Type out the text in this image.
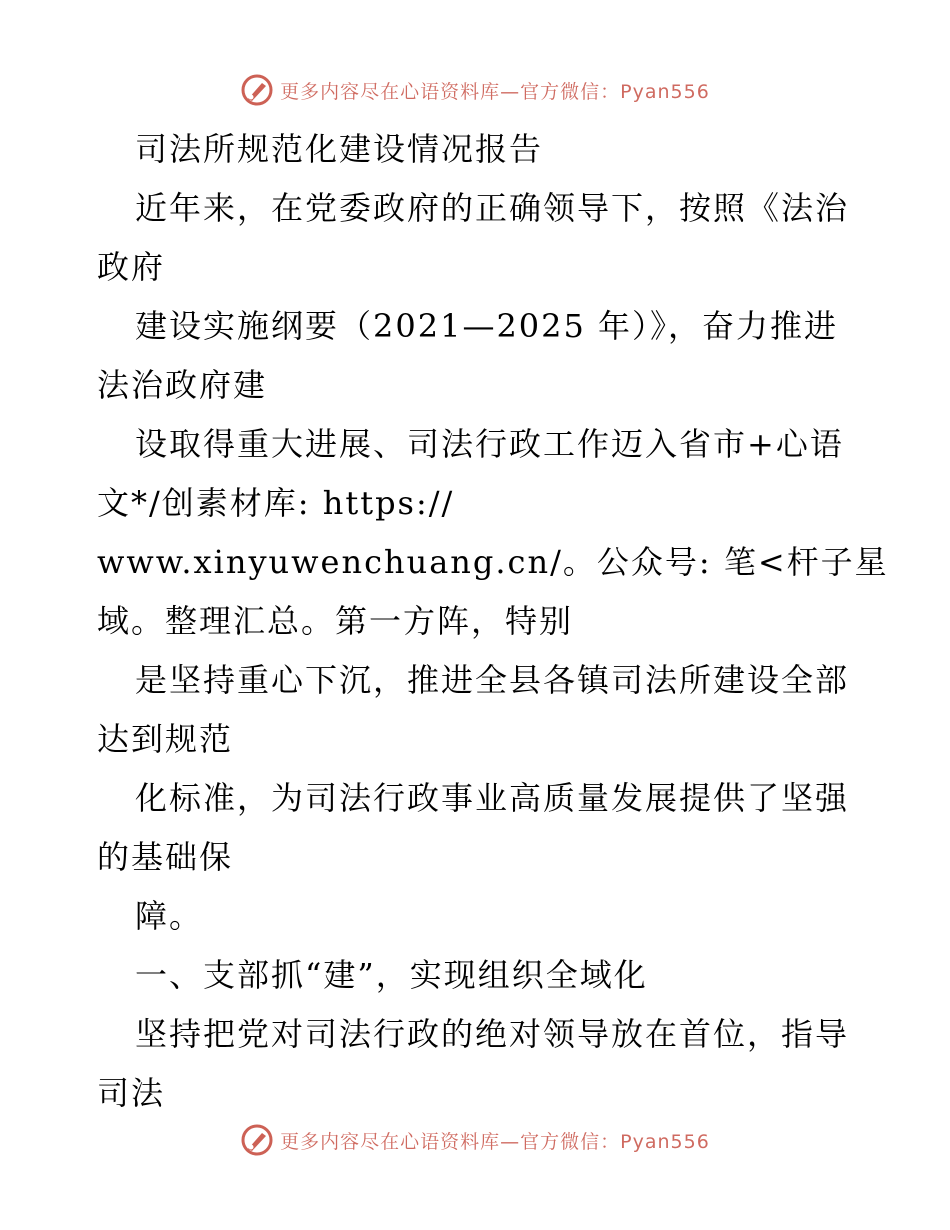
更多内容尽在心语资料库—官方微信：Pyan556
司法所规范化建设情况报告
近年来，在党委政府的正确领导下，按照《法治
政府
建设实施纲要（2021—2025 年）》，奋力推进
法治政府建
设取得重大进展、司法行政工作迈入省市+心语
文*/创素材库: https://
www.xinyuwenchuang.cn/。公众号: 笔<杆子星
域。整理汇总。第一方阵，特别
是坚持重心下沉，推进全县各镇司法所建设全部
达到规范
化标准，为司法行政事业高质量发展提供了坚强
的基础保
障。
一、支部抓“建”，实现组织全域化
坚持把党对司法行政的绝对领导放在首位，指导
司法
更多内容尽在心语资料库—官方微信：Pyan556
